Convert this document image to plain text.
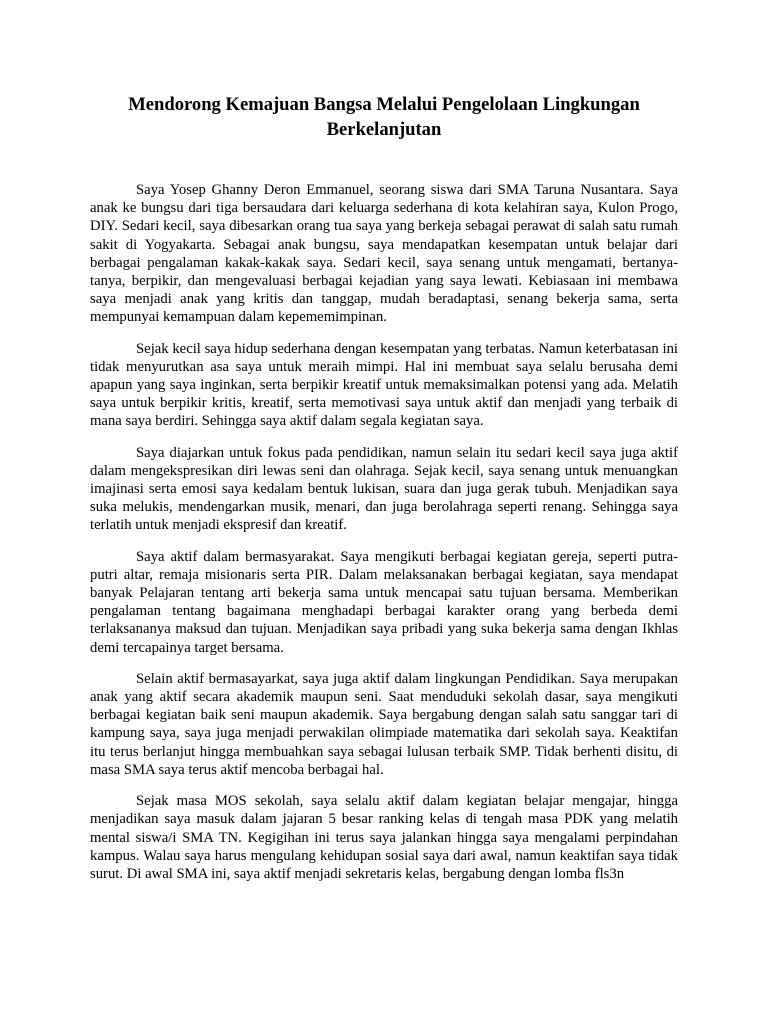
Mendorong Kemajuan Bangsa Melalui Pengelolaan Lingkungan Berkelanjutan

Saya Yosep Ghanny Deron Emmanuel, seorang siswa dari SMA Taruna Nusantara. Saya anak ke bungsu dari tiga bersaudara dari keluarga sederhana di kota kelahiran saya, Kulon Progo, DIY. Sedari kecil, saya dibesarkan orang tua saya yang berkeja sebagai perawat di salah satu rumah sakit di Yogyakarta. Sebagai anak bungsu, saya mendapatkan kesempatan untuk belajar dari berbagai pengalaman kakak-kakak saya. Sedari kecil, saya senang untuk mengamati, bertanya-tanya, berpikir, dan mengevaluasi berbagai kejadian yang saya lewati. Kebiasaan ini membawa saya menjadi anak yang kritis dan tanggap, mudah beradaptasi, senang bekerja sama, serta mempunyai kemampuan dalam kepememimpinan.

Sejak kecil saya hidup sederhana dengan kesempatan yang terbatas. Namun keterbatasan ini tidak menyurutkan asa saya untuk meraih mimpi. Hal ini membuat saya selalu berusaha demi apapun yang saya inginkan, serta berpikir kreatif untuk memaksimalkan potensi yang ada. Melatih saya untuk berpikir kritis, kreatif, serta memotivasi saya untuk aktif dan menjadi yang terbaik di mana saya berdiri. Sehingga saya aktif dalam segala kegiatan saya.

Saya diajarkan untuk fokus pada pendidikan, namun selain itu sedari kecil saya juga aktif dalam mengekspresikan diri lewas seni dan olahraga. Sejak kecil, saya senang untuk menuangkan imajinasi serta emosi saya kedalam bentuk lukisan, suara dan juga gerak tubuh. Menjadikan saya suka melukis, mendengarkan musik, menari, dan juga berolahraga seperti renang. Sehingga saya terlatih untuk menjadi ekspresif dan kreatif.

Saya aktif dalam bermasyarakat. Saya mengikuti berbagai kegiatan gereja, seperti putra-putri altar, remaja misionaris serta PIR. Dalam melaksanakan berbagai kegiatan, saya mendapat banyak Pelajaran tentang arti bekerja sama untuk mencapai satu tujuan bersama. Memberikan pengalaman tentang bagaimana menghadapi berbagai karakter orang yang berbeda demi terlaksananya maksud dan tujuan. Menjadikan saya pribadi yang suka bekerja sama dengan Ikhlas demi tercapainya target bersama.

Selain aktif bermasayarkat, saya juga aktif dalam lingkungan Pendidikan. Saya merupakan anak yang aktif secara akademik maupun seni. Saat menduduki sekolah dasar, saya mengikuti berbagai kegiatan baik seni maupun akademik. Saya bergabung dengan salah satu sanggar tari di kampung saya, saya juga menjadi perwakilan olimpiade matematika dari sekolah saya. Keaktifan itu terus berlanjut hingga membuahkan saya sebagai lulusan terbaik SMP. Tidak berhenti disitu, di masa SMA saya terus aktif mencoba berbagai hal.

Sejak masa MOS sekolah, saya selalu aktif dalam kegiatan belajar mengajar, hingga menjadikan saya masuk dalam jajaran 5 besar ranking kelas di tengah masa PDK yang melatih mental siswa/i SMA TN. Kegigihan ini terus saya jalankan hingga saya mengalami perpindahan kampus. Walau saya harus mengulang kehidupan sosial saya dari awal, namun keaktifan saya tidak surut. Di awal SMA ini, saya aktif menjadi sekretaris kelas, bergabung dengan lomba fls3n
